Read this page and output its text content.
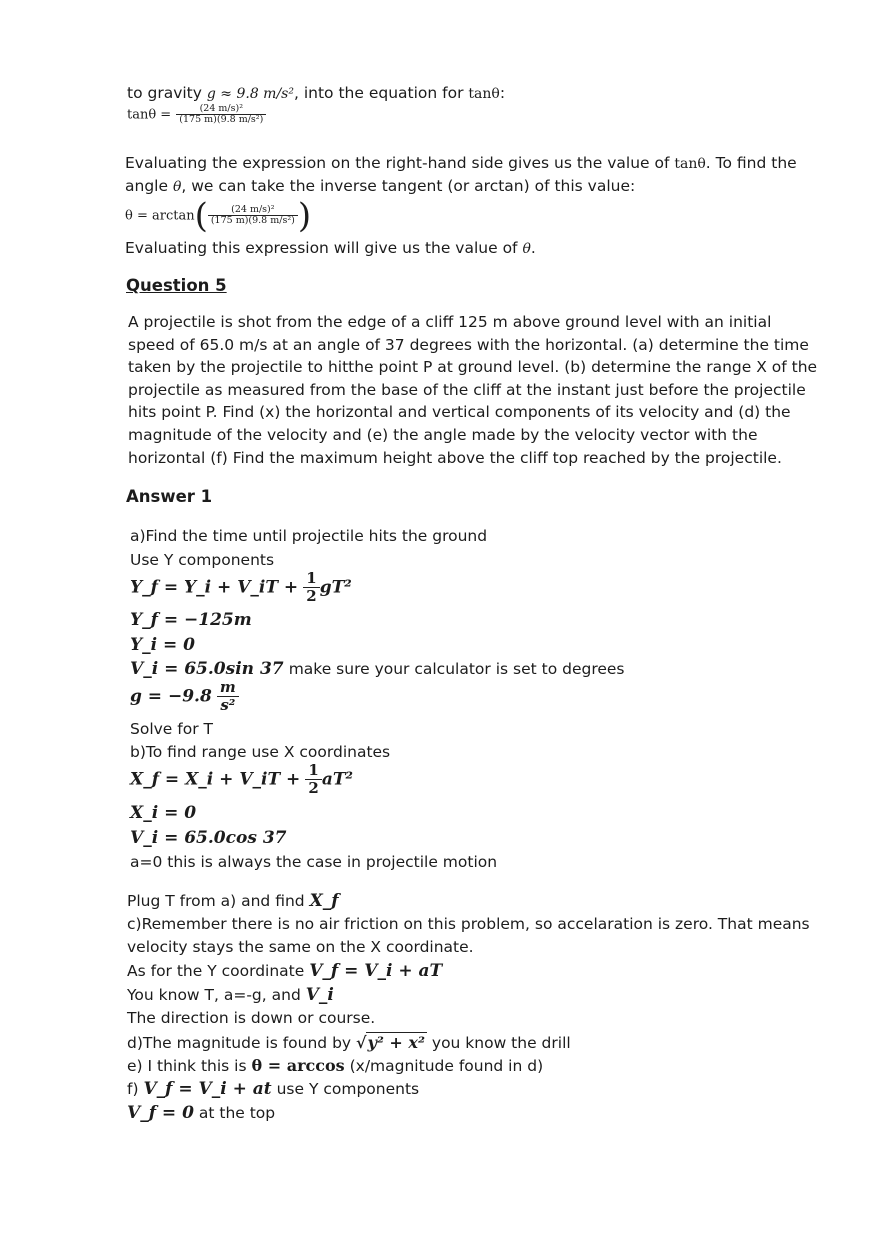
to gravity g ≈ 9.8 m/s², into the equation for tanθ:
$\tan\theta = \frac{\text{(24 m/s)²}}{\text{(175 m)(9.8 m/s²)}}$
Evaluating the expression on the right-hand side gives us the value of tanθ. To find the
angle θ, we can take the inverse tangent (or arctan) of this value:
$\theta = \arctan( \frac{\text{(24 m/s)²}}{\text{(175 m)(9.8 m/s²)}}$ )
Evaluating this expression will give us the value of θ.
Question 5
A projectile is shot from the edge of a cliff 125 m above ground level with an initial speed of 65.0 m/s at an angle of 37 degrees with the horizontal. (a) determine the time taken by the projectile to hitthe point P at ground level. (b) determine the range X of the projectile as measured from the base of the cliff at the instant just before the projectile hits point P. Find (x) the horizontal and vertical components of its velocity and (d) the magnitude of the velocity and (e) the angle made by the velocity vector with the horizontal (f) Find the maximum height above the cliff top reached by the projectile.
Answer 1
a)Find the time until projectile hits the ground
Use Y components
Y_f = Y_i + V_iT + $\frac{1}{2} gT^2$
Y_f = −125m
Y_i = 0
V_i = 65.0sin 37 make sure your calculator is set to degrees
$g = -9.8 \frac{m}{\text{s²}}$
Solve for T
b)To find range use X coordinates
X_f = X_i + V_iT + $\frac{1}{2} aT^2$
X_i = 0
V_i = 65.0cos 37
a=0 this is always the case in projectile motion
Plug T from a) and find X_f
c)Remember there is no air friction on this problem, so accelaration is zero. That means
velocity stays the same on the X coordinate.
As for the Y coordinate V_f = V_i + aT
You know T, a=-g, and V_i
The direction is down or course.
d)The magnitude is found by √y² + x² you know the drill
e) I think this is θ = arccos (x/magnitude found in d)
f) V_f = V_i + at use Y components
V_f = 0 at the top
